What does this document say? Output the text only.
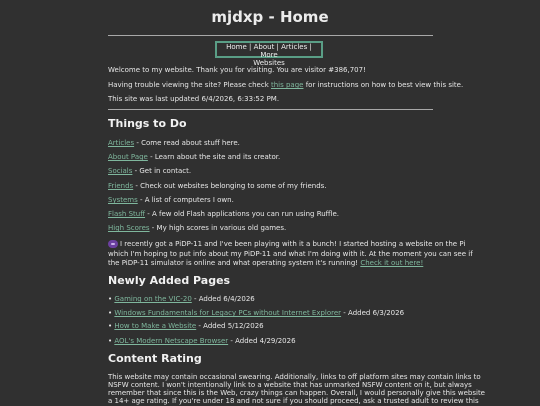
mjdxp - Home
Home | About | Articles | More
Websites
Welcome to my website. Thank you for visiting. You are visitor #386,707!
Having trouble viewing the site? Please check this page for instructions on how to best view this site.
This site was last updated 6/4/2026, 6:33:52 PM.
Things to Do
Articles - Come read about stuff here.
About Page - Learn about the site and its creator.
Socials - Get in contact.
Friends - Check out websites belonging to some of my friends.
Systems - A list of computers I own.
Flash Stuff - A few old Flash applications you can run using Ruffle.
High Scores - My high scores in various old games.
I recently got a PiDP-11 and I've been playing with it a bunch! I started hosting a website on the Pi
which I'm hoping to put info about my PiDP-11 and what I'm doing with it. At the moment you can see if
the PiDP-11 simulator is online and what operating system it's running! Check it out here!
Newly Added Pages
• Gaming on the VIC-20 - Added 6/4/2026
• Windows Fundamentals for Legacy PCs without Internet Explorer - Added 6/3/2026
• How to Make a Website - Added 5/12/2026
• AOL's Modern Netscape Browser - Added 4/29/2026
Content Rating
This website may contain occasional swearing. Additionally, links to off platform sites may contain links to
NSFW content. I won't intentionally link to a website that has unmarked NSFW content on it, but always
remember that since this is the Web, crazy things can happen. Overall, I would personally give this website
a 14+ age rating. If you're under 18 and not sure if you should proceed, ask a trusted adult to review this
